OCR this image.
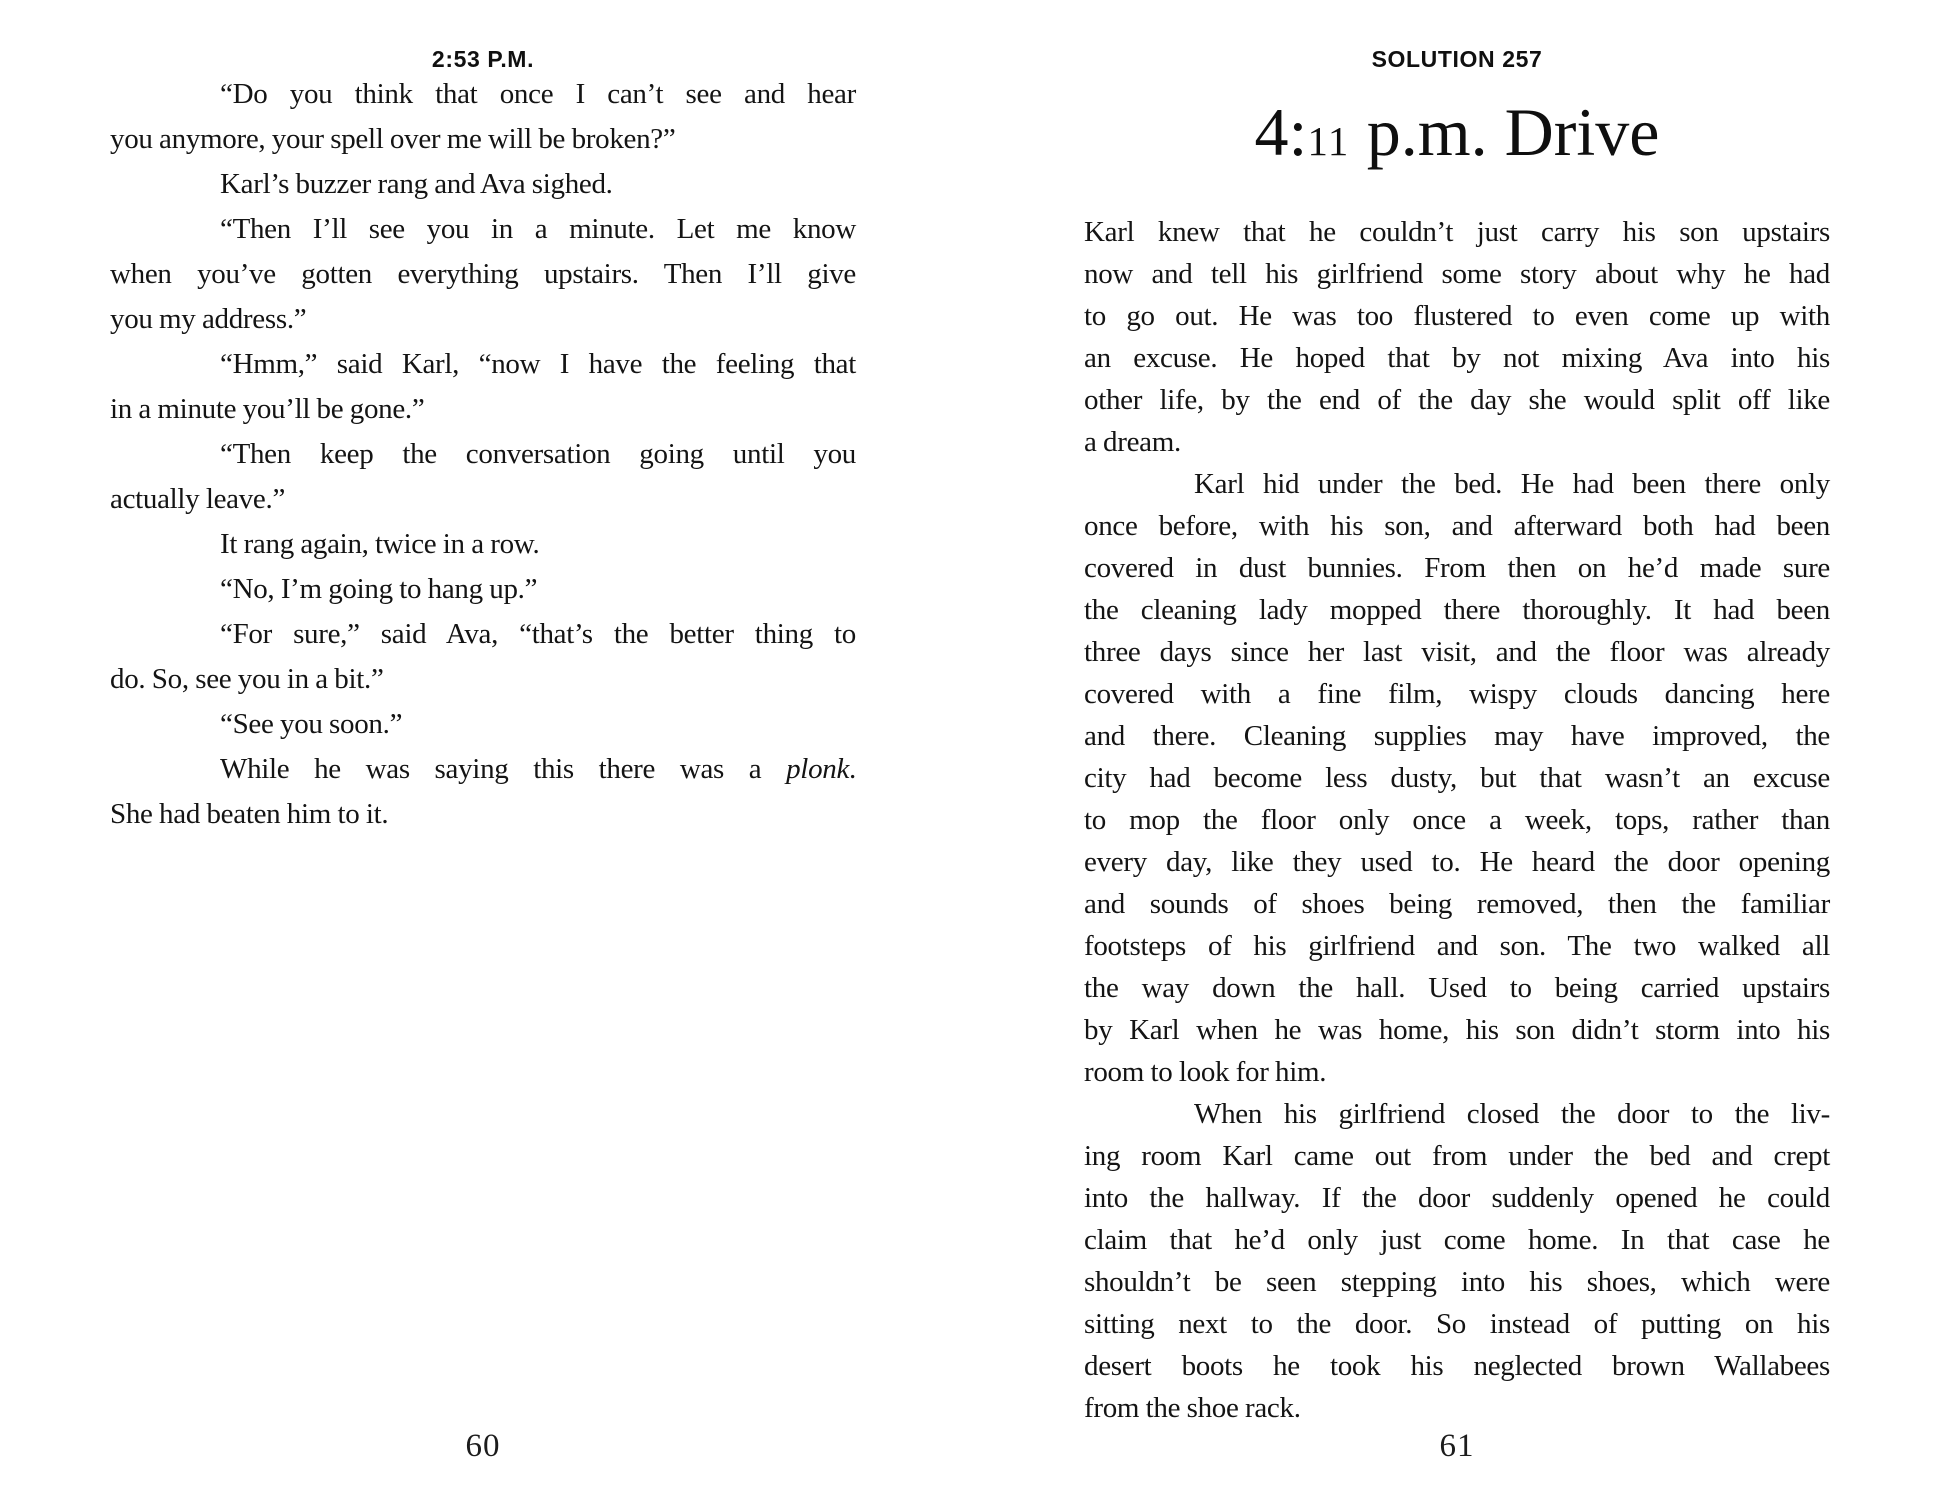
2:53 P.M.
“Do you think that once I can’t see and hear
you anymore, your spell over me will be broken?”
Karl’s buzzer rang and Ava sighed.
“Then I’ll see you in a minute. Let me know
when you’ve gotten everything upstairs. Then I’ll give
you my address.”
“Hmm,” said Karl, “now I have the feeling that
in a minute you’ll be gone.”
“Then keep the conversation going until you
actually leave.”
It rang again, twice in a row.
“No, I’m going to hang up.”
“For sure,” said Ava, “that’s the better thing to
do. So, see you in a bit.”
“See you soon.”
While he was saying this there was a plonk.
She had beaten him to it.
60
SOLUTION 257
4:11 p.m. Drive
Karl knew that he couldn’t just carry his son upstairs
now and tell his girlfriend some story about why he had
to go out. He was too flustered to even come up with
an excuse. He hoped that by not mixing Ava into his
other life, by the end of the day she would split off like
a dream.
Karl hid under the bed. He had been there only
once before, with his son, and afterward both had been
covered in dust bunnies. From then on he’d made sure
the cleaning lady mopped there thoroughly. It had been
three days since her last visit, and the floor was already
covered with a fine film, wispy clouds dancing here
and there. Cleaning supplies may have improved, the
city had become less dusty, but that wasn’t an excuse
to mop the floor only once a week, tops, rather than
every day, like they used to. He heard the door opening
and sounds of shoes being removed, then the familiar
footsteps of his girlfriend and son. The two walked all
the way down the hall. Used to being carried upstairs
by Karl when he was home, his son didn’t storm into his
room to look for him.
When his girlfriend closed the door to the liv-
ing room Karl came out from under the bed and crept
into the hallway. If the door suddenly opened he could
claim that he’d only just come home. In that case he
shouldn’t be seen stepping into his shoes, which were
sitting next to the door. So instead of putting on his
desert boots he took his neglected brown Wallabees
from the shoe rack.
61
